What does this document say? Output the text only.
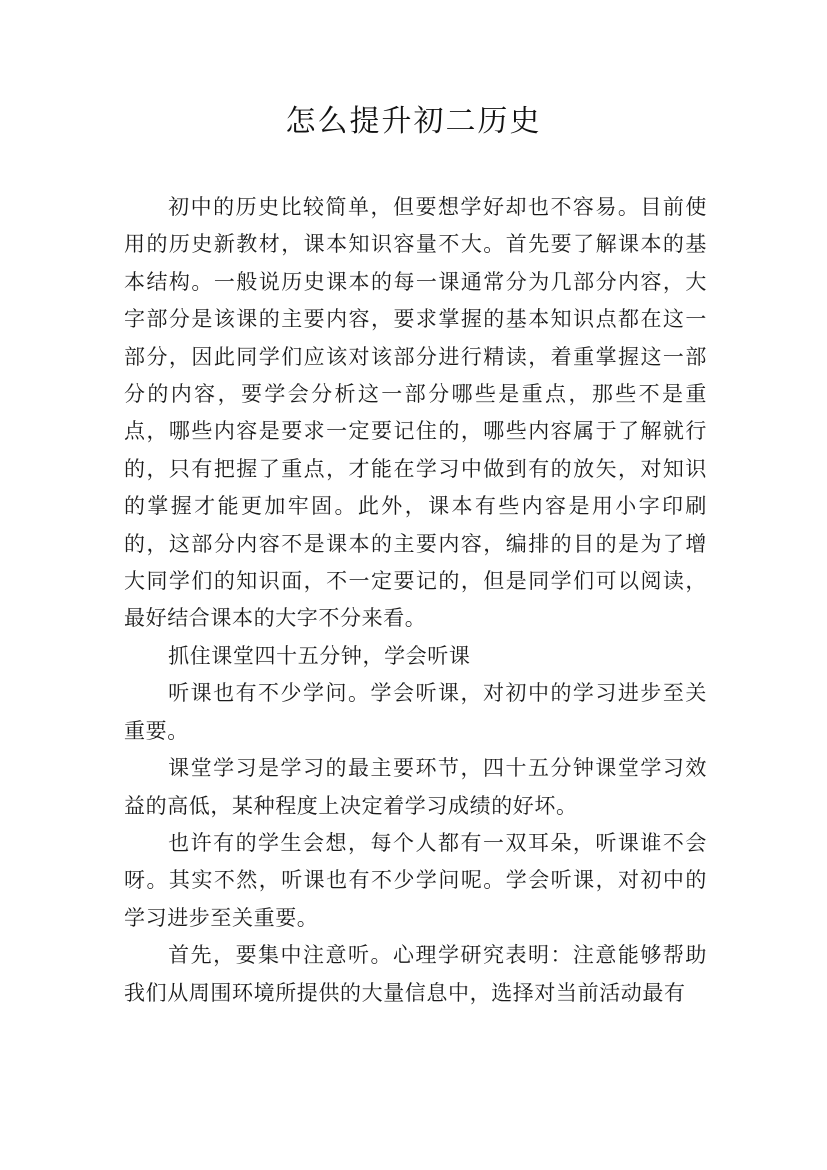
怎么提升初二历史

初中的历史比较简单，但要想学好却也不容易。目前使用的历史新教材，课本知识容量不大。首先要了解课本的基本结构。一般说历史课本的每一课通常分为几部分内容，大字部分是该课的主要内容，要求掌握的基本知识点都在这一部分，因此同学们应该对该部分进行精读，着重掌握这一部分的内容，要学会分析这一部分哪些是重点，那些不是重点，哪些内容是要求一定要记住的，哪些内容属于了解就行的，只有把握了重点，才能在学习中做到有的放矢，对知识的掌握才能更加牢固。此外，课本有些内容是用小字印刷的，这部分内容不是课本的主要内容，编排的目的是为了增大同学们的知识面，不一定要记的，但是同学们可以阅读，最好结合课本的大字不分来看。

抓住课堂四十五分钟，学会听课

听课也有不少学问。学会听课，对初中的学习进步至关重要。

课堂学习是学习的最主要环节，四十五分钟课堂学习效益的高低，某种程度上决定着学习成绩的好坏。

也许有的学生会想，每个人都有一双耳朵，听课谁不会呀。其实不然，听课也有不少学问呢。学会听课，对初中的学习进步至关重要。

首先，要集中注意听。心理学研究表明：注意能够帮助我们从周围环境所提供的大量信息中，选择对当前活动最有
